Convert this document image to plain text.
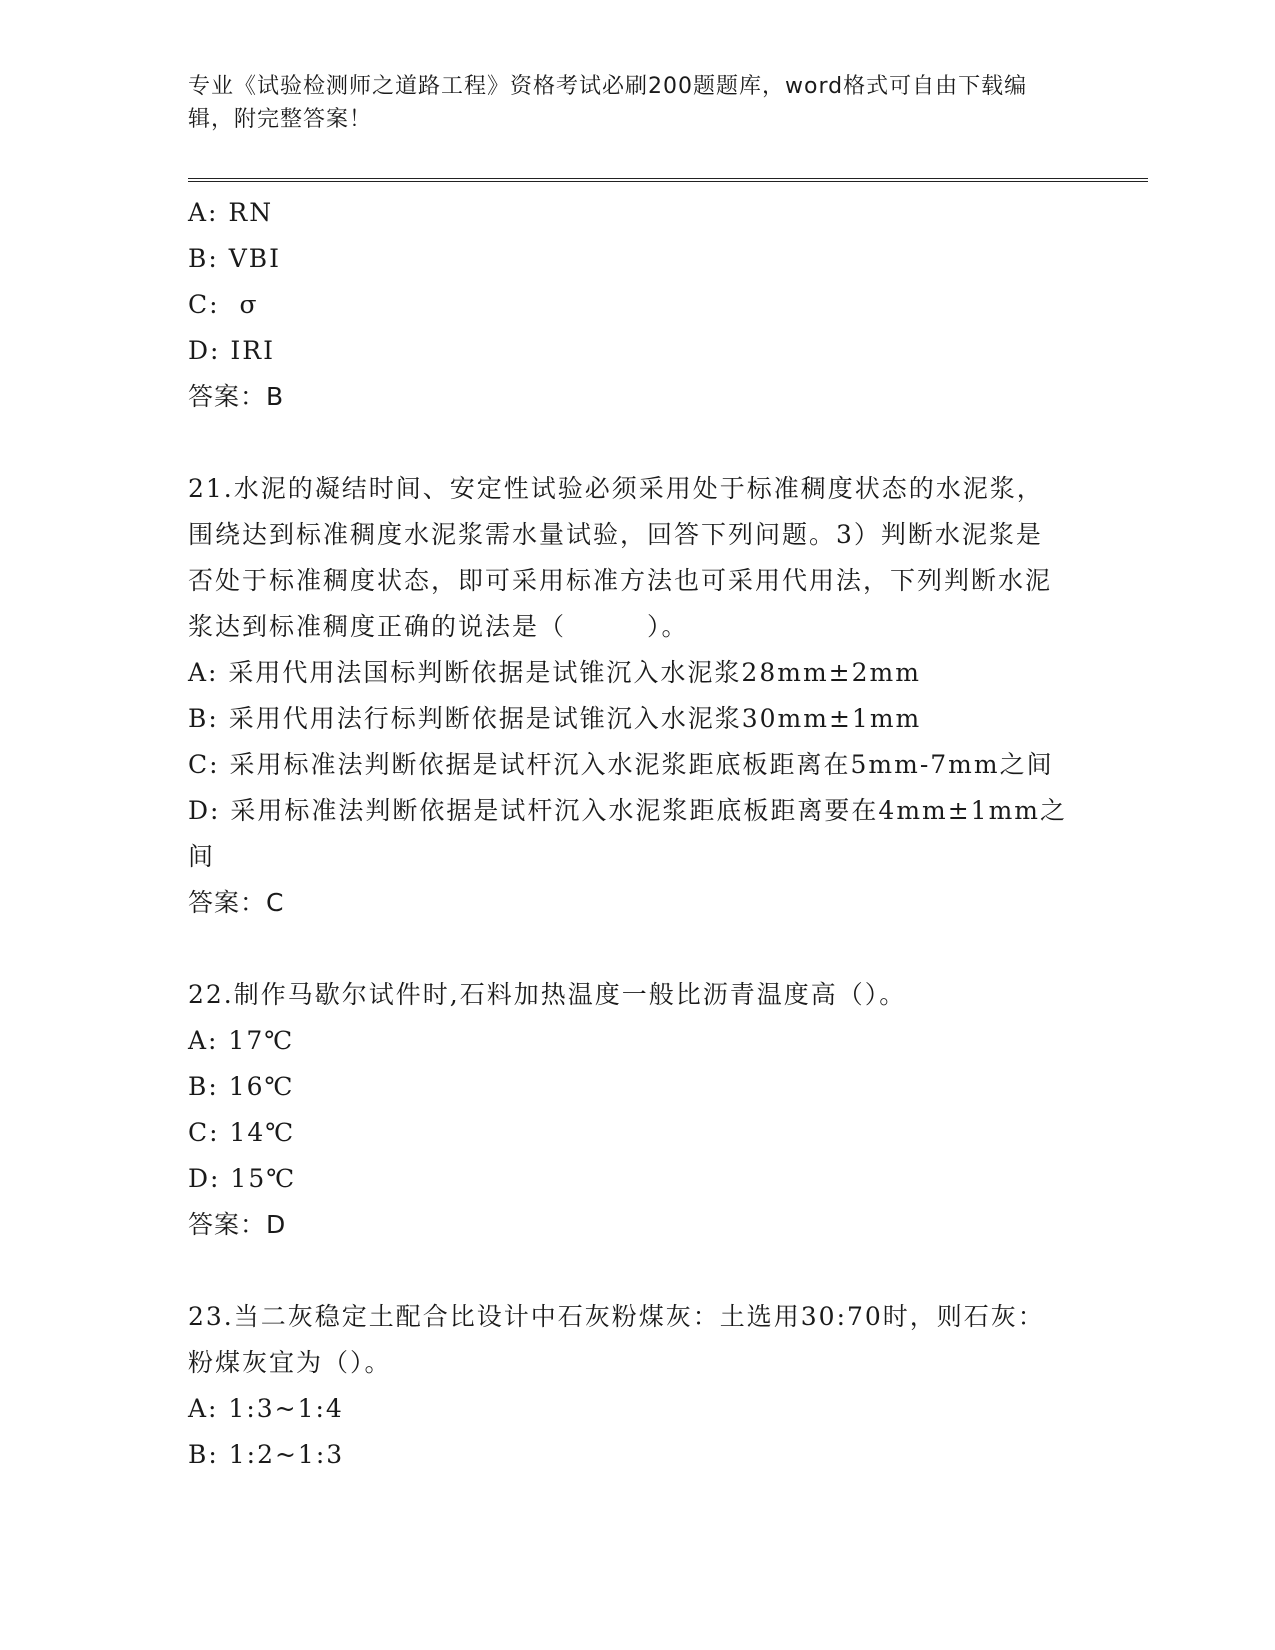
专业《试验检测师之道路工程》资格考试必刷200题题库，word格式可自由下载编辑，附完整答案！

A: RN

B: VBI

C:  σ

D: IRI

答案：B

21.水泥的凝结时间、安定性试验必须采用处于标准稠度状态的水泥浆，围绕达到标准稠度水泥浆需水量试验，回答下列问题。3）判断水泥浆是否处于标准稠度状态，即可采用标准方法也可采用代用法，下列判断水泥浆达到标准稠度正确的说法是（　　　）。

A: 采用代用法国标判断依据是试锥沉入水泥浆28mm±2mm

B: 采用代用法行标判断依据是试锥沉入水泥浆30mm±1mm

C: 采用标准法判断依据是试杆沉入水泥浆距底板距离在5mm-7mm之间

D: 采用标准法判断依据是试杆沉入水泥浆距底板距离要在4mm±1mm之间

答案：C

22.制作马歇尔试件时,石料加热温度一般比沥青温度高（）。

A: 17℃

B: 16℃

C: 14℃

D: 15℃

答案：D

23.当二灰稳定土配合比设计中石灰粉煤灰：土选用30:70时，则石灰：粉煤灰宜为（）。

A: 1:3~1:4

B: 1:2~1:3
